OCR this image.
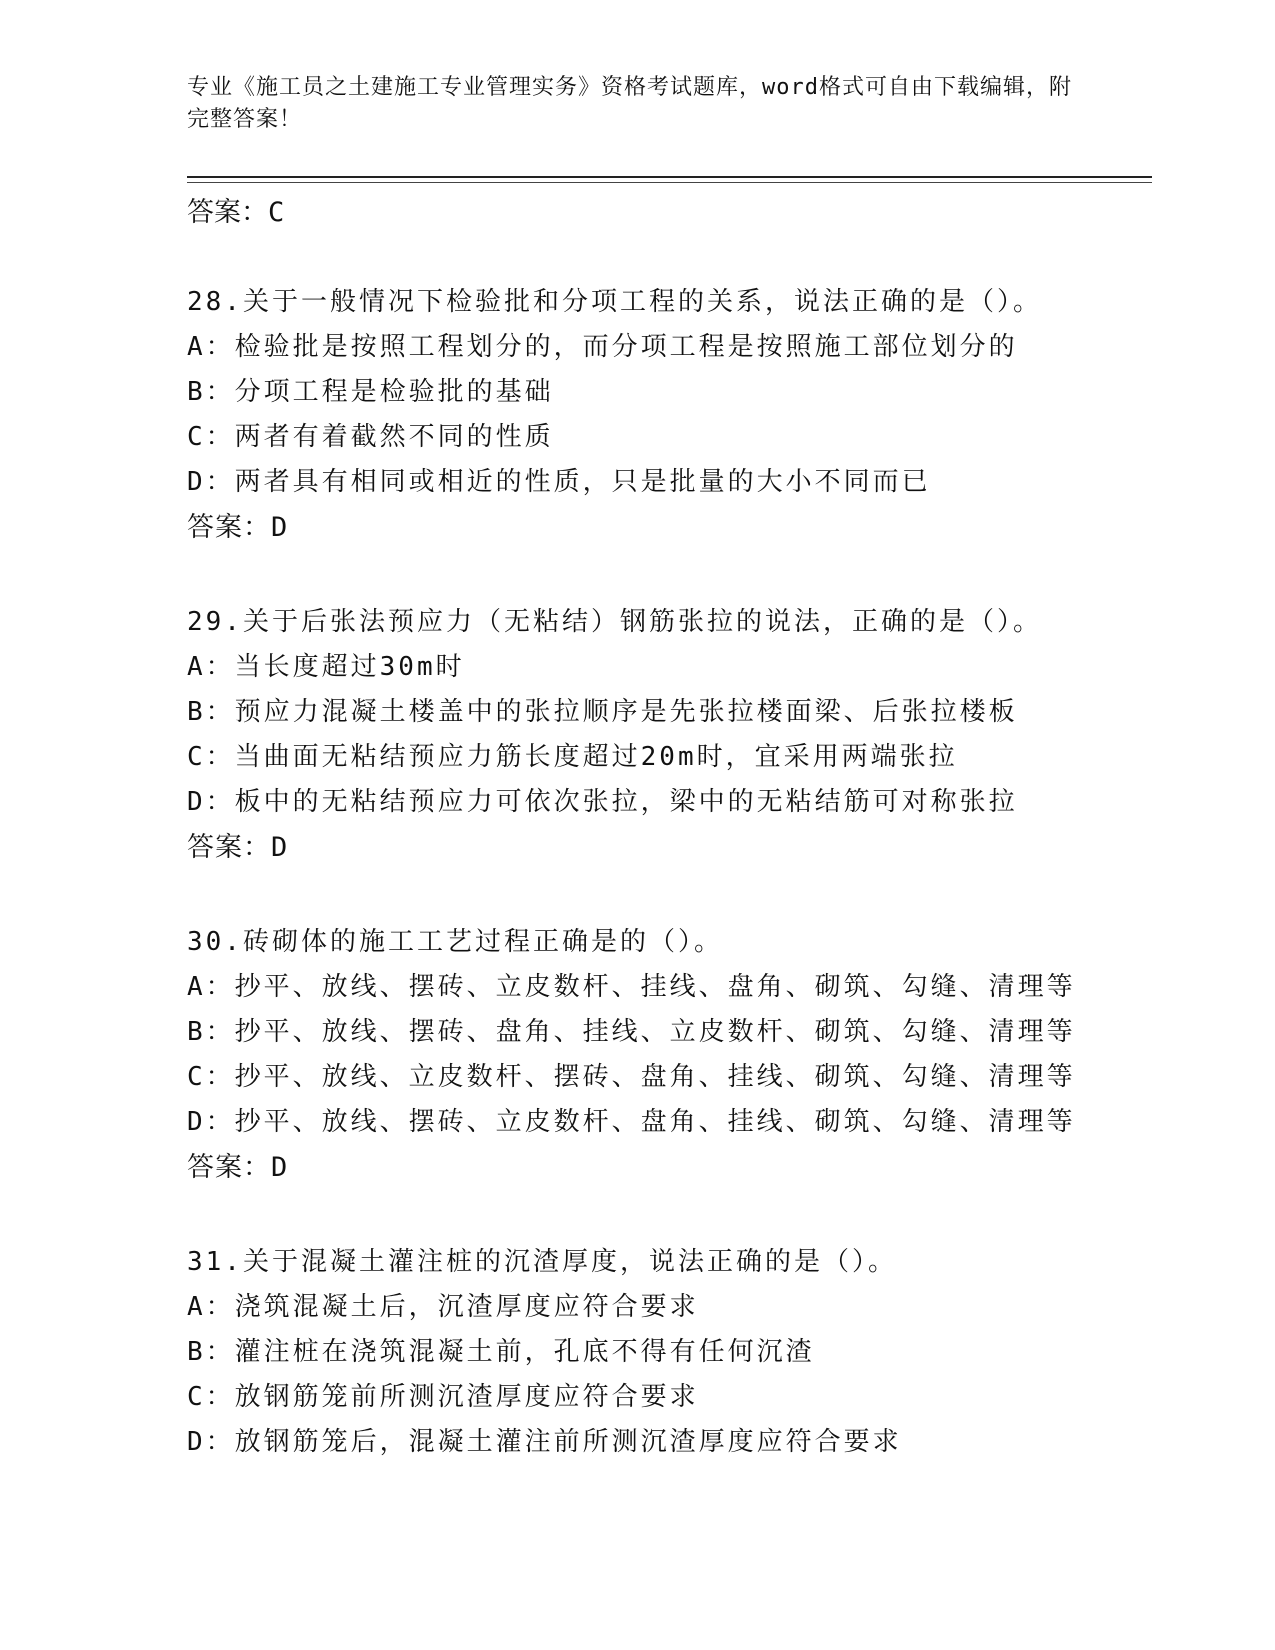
专业《施工员之土建施工专业管理实务》资格考试题库，word格式可自由下载编辑，附完整答案！
答案：C
28.关于一般情况下检验批和分项工程的关系，说法正确的是（）。
A：检验批是按照工程划分的，而分项工程是按照施工部位划分的
B：分项工程是检验批的基础
C：两者有着截然不同的性质
D：两者具有相同或相近的性质，只是批量的大小不同而已
答案：D
29.关于后张法预应力（无粘结）钢筋张拉的说法，正确的是（）。
A：当长度超过30m时
B：预应力混凝土楼盖中的张拉顺序是先张拉楼面梁、后张拉楼板
C：当曲面无粘结预应力筋长度超过20m时，宜采用两端张拉
D：板中的无粘结预应力可依次张拉，梁中的无粘结筋可对称张拉
答案：D
30.砖砌体的施工工艺过程正确是的（）。
A：抄平、放线、摆砖、立皮数杆、挂线、盘角、砌筑、勾缝、清理等
B：抄平、放线、摆砖、盘角、挂线、立皮数杆、砌筑、勾缝、清理等
C：抄平、放线、立皮数杆、摆砖、盘角、挂线、砌筑、勾缝、清理等
D：抄平、放线、摆砖、立皮数杆、盘角、挂线、砌筑、勾缝、清理等
答案：D
31.关于混凝土灌注桩的沉渣厚度，说法正确的是（）。
A：浇筑混凝土后，沉渣厚度应符合要求
B：灌注桩在浇筑混凝土前，孔底不得有任何沉渣
C：放钢筋笼前所测沉渣厚度应符合要求
D：放钢筋笼后，混凝土灌注前所测沉渣厚度应符合要求
